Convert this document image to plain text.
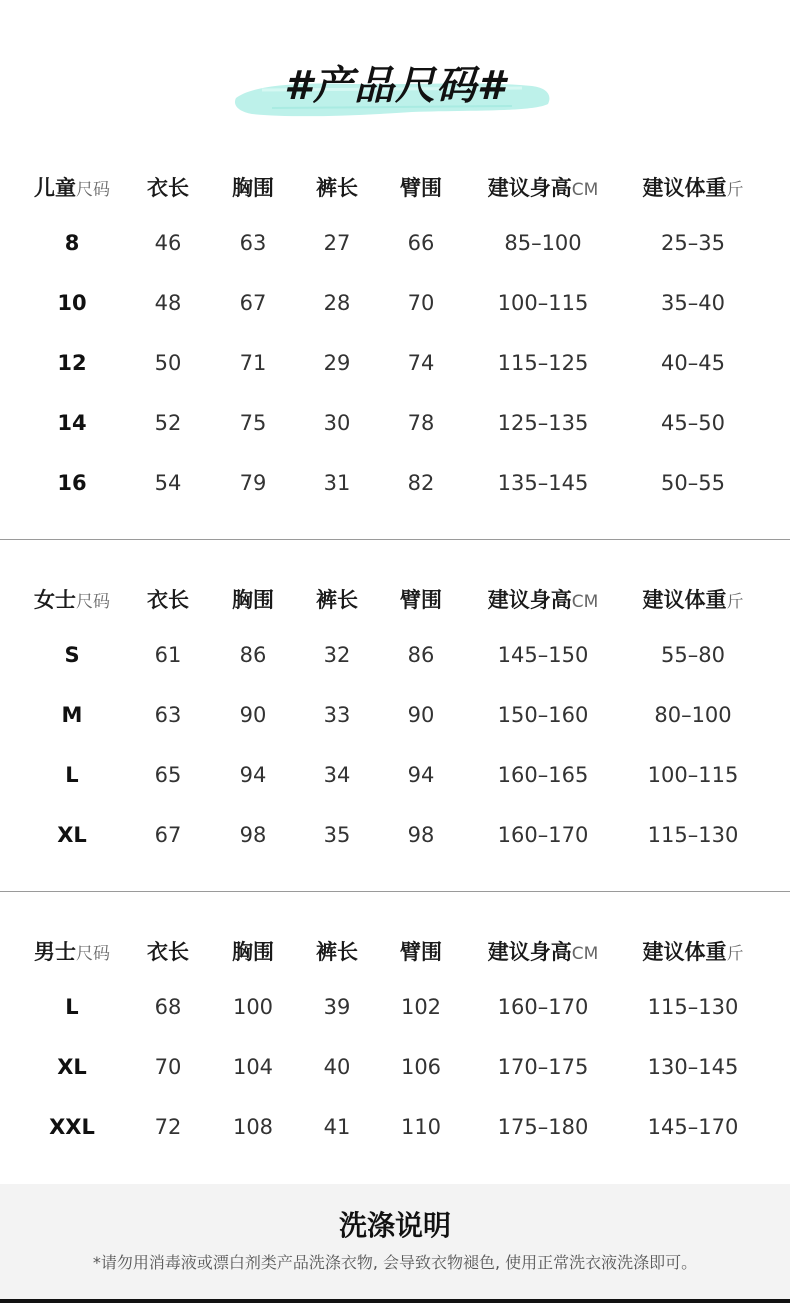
#产品尺码#
儿童尺码	衣长	胸围	裤长	臂围	建议身高CM	建议体重斤
8	46	63	27	66	85–100	25–35
10	48	67	28	70	100–115	35–40
12	50	71	29	74	115–125	40–45
14	52	75	30	78	125–135	45–50
16	54	79	31	82	135–145	50–55
女士尺码	衣长	胸围	裤长	臂围	建议身高CM	建议体重斤
S	61	86	32	86	145–150	55–80
M	63	90	33	90	150–160	80–100
L	65	94	34	94	160–165	100–115
XL	67	98	35	98	160–170	115–130
男士尺码	衣长	胸围	裤长	臂围	建议身高CM	建议体重斤
L	68	100	39	102	160–170	115–130
XL	70	104	40	106	170–175	130–145
XXL	72	108	41	110	175–180	145–170
洗涤说明
*请勿用消毒液或漂白剂类产品洗涤衣物, 会导致衣物褪色, 使用正常洗衣液洗涤即可。
